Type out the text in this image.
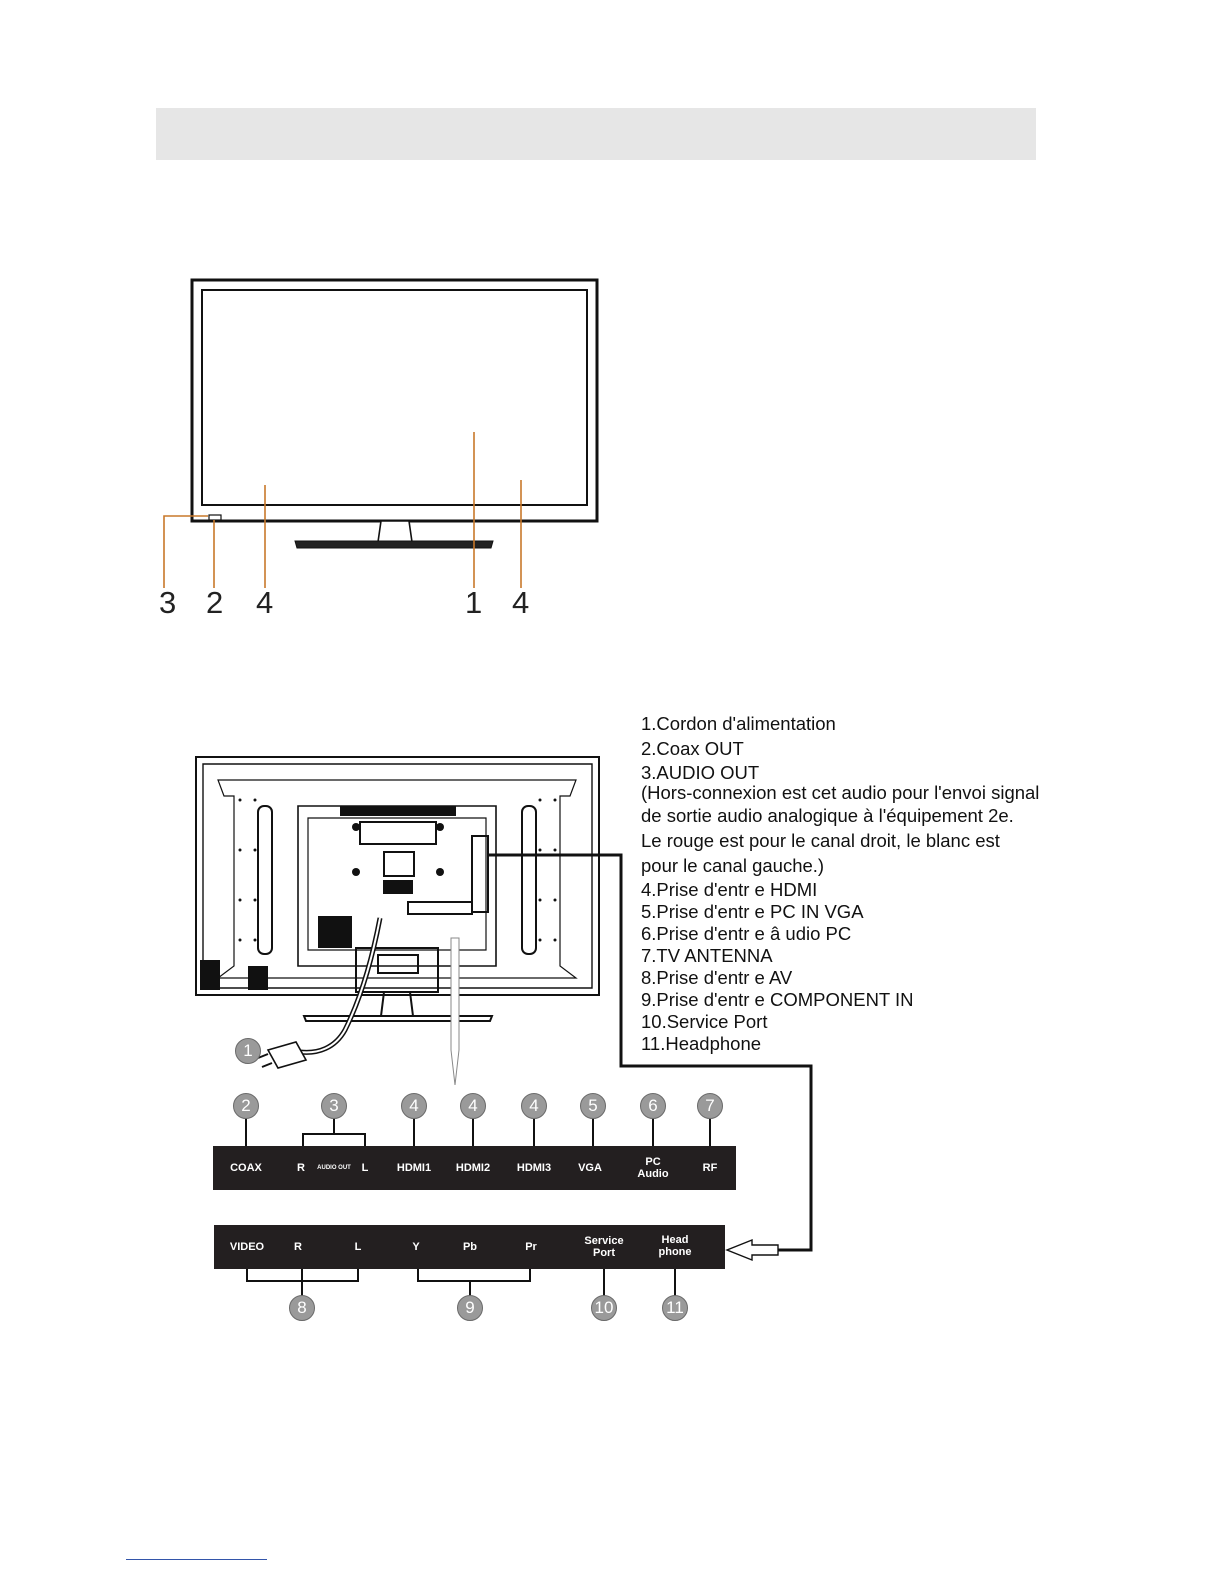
3 2 4	1 4
1.Cordon d'alimentation
2.Coax OUT
3.AUDIO OUT
(Hors-connexion est cet audio pour l'envoi signal
de sortie audio analogique à l'équipement 2e.
Le rouge est pour le canal droit, le blanc est
pour le canal gauche.)
4.Prise d'entr e HDMI
5.Prise d'entr e PC IN VGA
6.Prise d'entr e â udio PC
7.TV ANTENNA
8.Prise d'entr e AV
9.Prise d'entr e COMPONENT IN
10.Service Port
11.Headphone
1
COAX	R AUDIO OUT L	HDMI1 HDMI2 HDMI3 VGA	PC
Audio	RF
2	3	4	4	4	5	6	7
VIDEO	R	L	Y	Pb	Pr	Service
Port
Head
phone
8	9	10	11
